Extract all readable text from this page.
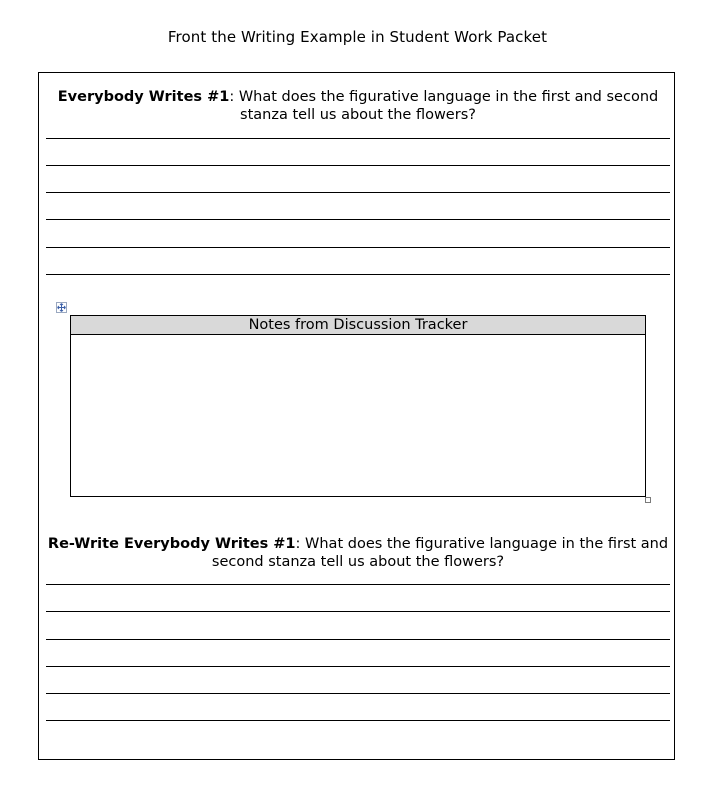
Front the Writing Example in Student Work Packet
Everybody Writes #1: What does the figurative language in the first and second stanza tell us about the flowers?
Notes from Discussion Tracker
Re-Write Everybody Writes #1: What does the figurative language in the first and second stanza tell us about the flowers?
